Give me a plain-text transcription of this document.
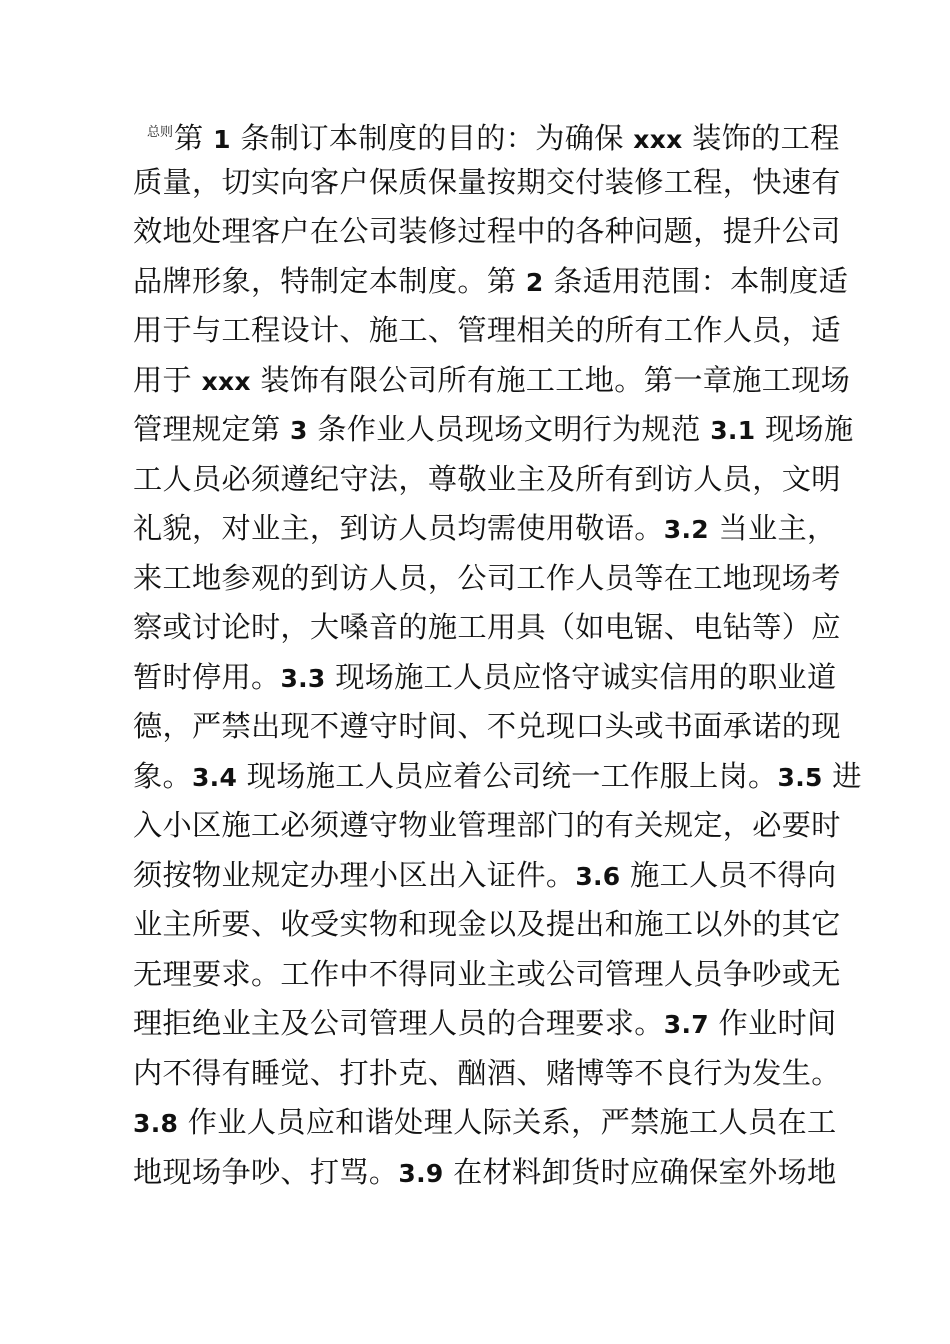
$^{总则}$第 1 条制订本制度的目的：为确保 xxx 装饰的工程
质量，切实向客户保质保量按期交付装修工程，快速有
效地处理客户在公司装修过程中的各种问题，提升公司
品牌形象，特制定本制度。第 2 条适用范围：本制度适
用于与工程设计、施工、管理相关的所有工作人员，适
用于 xxx 装饰有限公司所有施工工地。第一章施工现场
管理规定第 3 条作业人员现场文明行为规范 3.1 现场施
工人员必须遵纪守法，尊敬业主及所有到访人员，文明
礼貌，对业主，到访人员均需使用敬语。3.2 当业主，
来工地参观的到访人员，公司工作人员等在工地现场考
察或讨论时，大嗓音的施工用具（如电锯、电钻等）应
暂时停用。3.3 现场施工人员应恪守诚实信用的职业道
德，严禁出现不遵守时间、不兑现口头或书面承诺的现
象。3.4 现场施工人员应着公司统一工作服上岗。3.5 进
入小区施工必须遵守物业管理部门的有关规定，必要时
须按物业规定办理小区出入证件。3.6 施工人员不得向
业主所要、收受实物和现金以及提出和施工以外的其它
无理要求。工作中不得同业主或公司管理人员争吵或无
理拒绝业主及公司管理人员的合理要求。3.7 作业时间
内不得有睡觉、打扑克、酗酒、赌博等不良行为发生。
3.8 作业人员应和谐处理人际关系，严禁施工人员在工
地现场争吵、打骂。3.9 在材料卸货时应确保室外场地
